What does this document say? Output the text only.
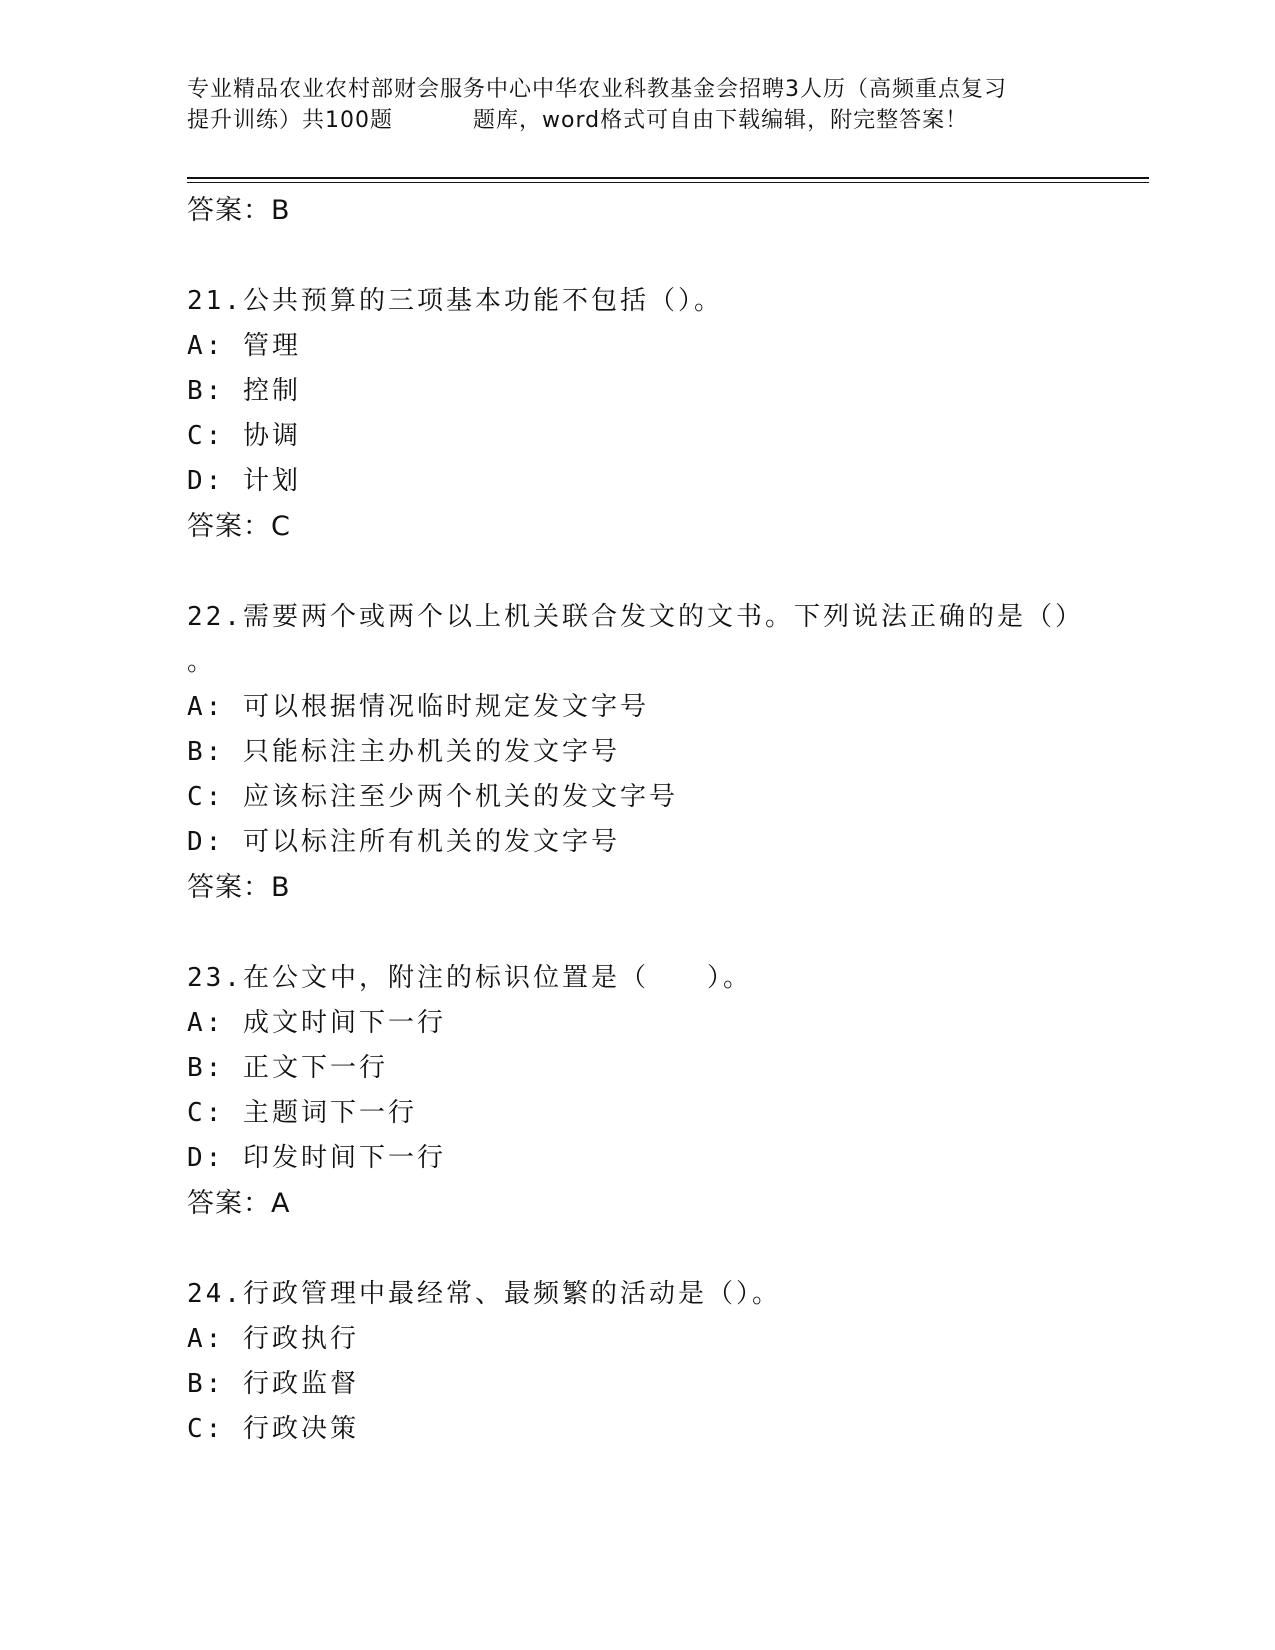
专业精品农业农村部财会服务中心中华农业科教基金会招聘3人历（高频重点复习
提升训练）共100题	题库，word格式可自由下载编辑，附完整答案！
答案：B
21.公共预算的三项基本功能不包括（）。
A: 管理
B: 控制
C: 协调
D: 计划
答案：C
22.需要两个或两个以上机关联合发文的文书。下列说法正确的是（）
。
A: 可以根据情况临时规定发文字号
B: 只能标注主办机关的发文字号
C: 应该标注至少两个机关的发文字号
D: 可以标注所有机关的发文字号
答案：B
23.在公文中，附注的标识位置是（　　）。
A: 成文时间下一行
B: 正文下一行
C: 主题词下一行
D: 印发时间下一行
答案：A
24.行政管理中最经常、最频繁的活动是（）。
A: 行政执行
B: 行政监督
C: 行政决策
